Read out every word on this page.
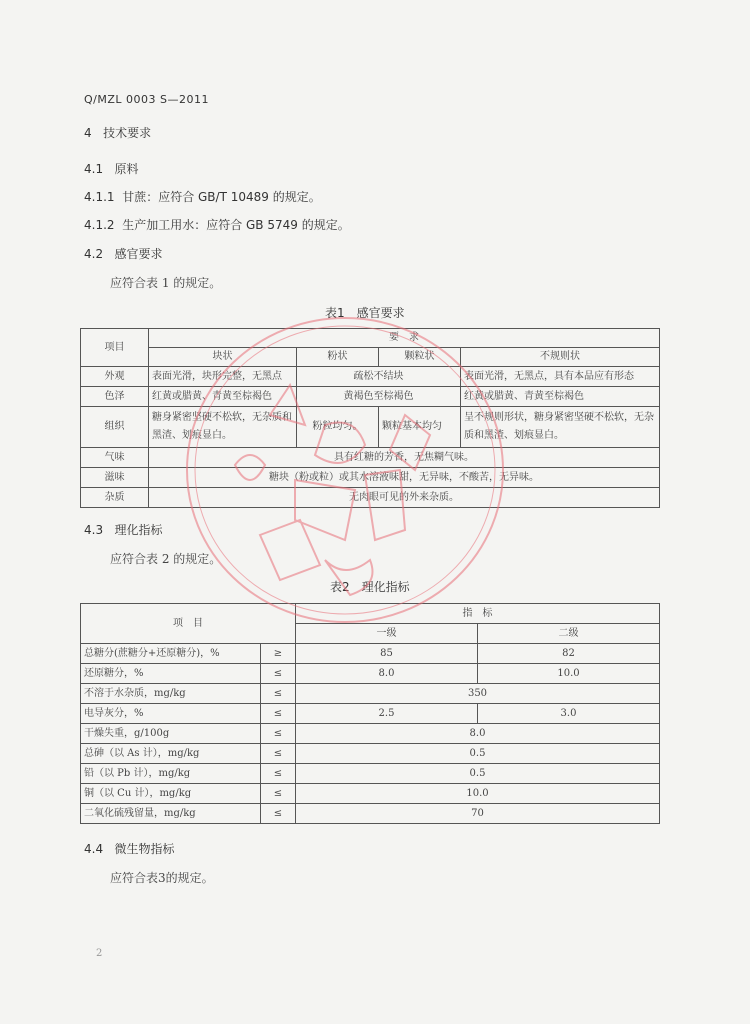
Q/MZL 0003 S—2011
4 技术要求
4.1 原料
4.1.1 甘蔗：应符合 GB/T 10489 的规定。
4.1.2 生产加工用水：应符合 GB 5749 的规定。
4.2 感官要求
应符合表 1 的规定。
表1　感官要求
项目	要　求			
	块状	粉状	颗粒状	不规则状
外观	表面光滑，块形完整，无黑点	疏松不结块		表面光滑，无黑点，具有本品应有形态
色泽	红黄或腊黄、青黄至棕褐色	黄褐色至棕褐色		红黄或腊黄、青黄至棕褐色
组织	糖身紧密坚硬不松软，无杂质和黑渣、划痕显白。	粉粒均匀。	颗粒基本均匀	呈不规则形状，糖身紧密坚硬不松软，无杂质和黑渣、划痕显白。
气味	具有红糖的芳香，无焦糊气味。			
滋味	糖块（粉或粒）或其水溶液味甜，无异味，不酸苦，无异味。			
杂质	无肉眼可见的外来杂质。			
4.3 理化指标
应符合表 2 的规定。
表2　理化指标
项　目		指　标	
		一级	二级
总糖分(蔗糖分+还原糖分)，%	≥	85	82
还原糖分，%	≤	8.0	10.0
不溶于水杂质，mg/kg	≤	350	
电导灰分，%	≤	2.5	3.0
干燥失重，g/100g	≤	8.0	
总砷（以 As 计），mg/kg	≤	0.5	
铅（以 Pb 计），mg/kg	≤	0.5	
铜（以 Cu 计），mg/kg	≤	10.0	
二氧化硫残留量，mg/kg	≤	70	
4.4 微生物指标
应符合表3的规定。
2
